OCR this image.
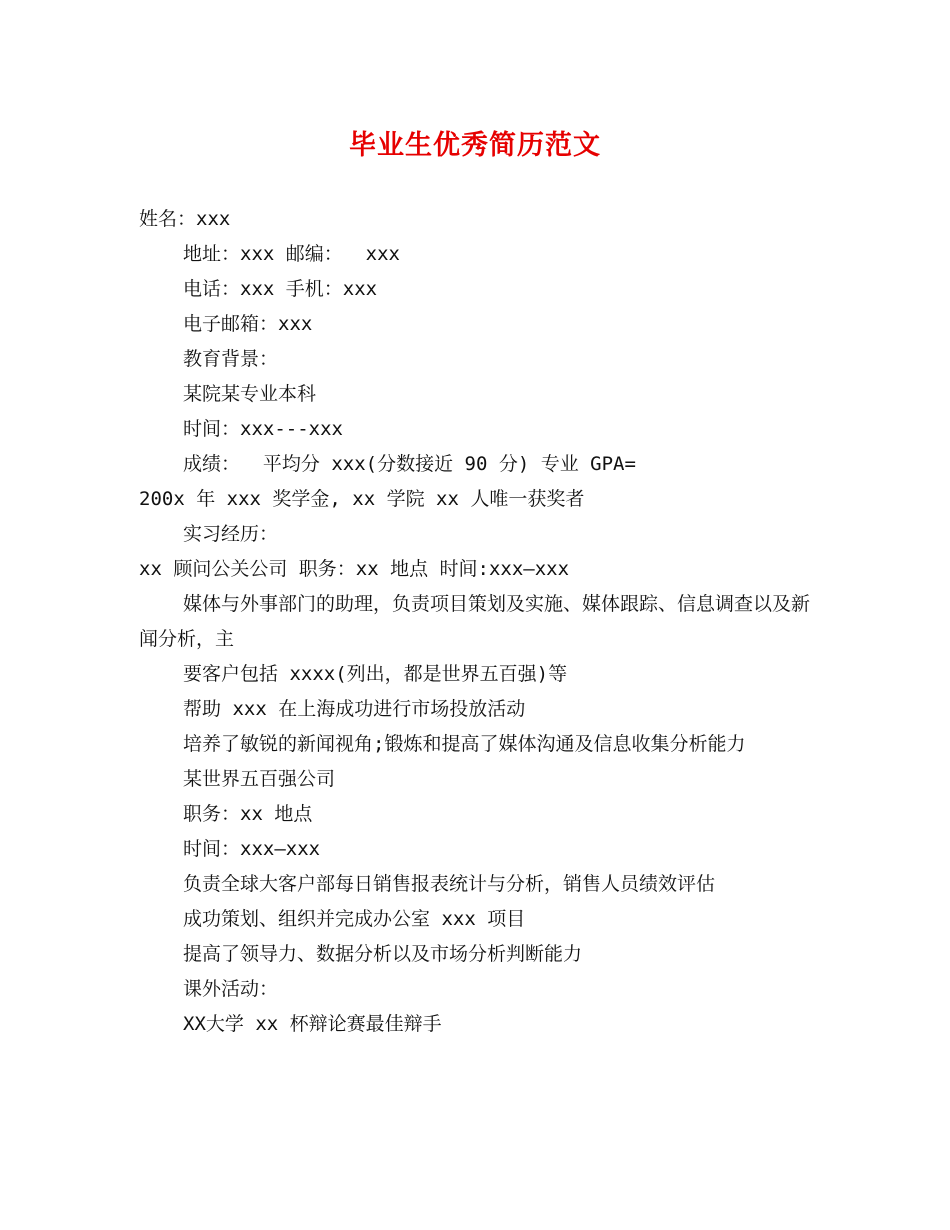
毕业生优秀简历范文
姓名：xxx
地址：xxx 邮编：  xxx
电话：xxx 手机：xxx
电子邮箱：xxx
教育背景：
某院某专业本科
时间：xxx---xxx
成绩：  平均分 xxx(分数接近 90 分) 专业 GPA=
200x 年 xxx 奖学金, xx 学院 xx 人唯一获奖者
实习经历：
xx 顾问公关公司 职务：xx 地点 时间:xxx—xxx
媒体与外事部门的助理，负责项目策划及实施、媒体跟踪、信息调查以及新闻分析，主
要客户包括 xxxx(列出，都是世界五百强)等
帮助 xxx 在上海成功进行市场投放活动
培养了敏锐的新闻视角;锻炼和提高了媒体沟通及信息收集分析能力
某世界五百强公司
职务：xx 地点
时间：xxx—xxx
负责全球大客户部每日销售报表统计与分析，销售人员绩效评估
成功策划、组织并完成办公室 xxx 项目
提高了领导力、数据分析以及市场分析判断能力
课外活动：
XX大学 xx 杯辩论赛最佳辩手
